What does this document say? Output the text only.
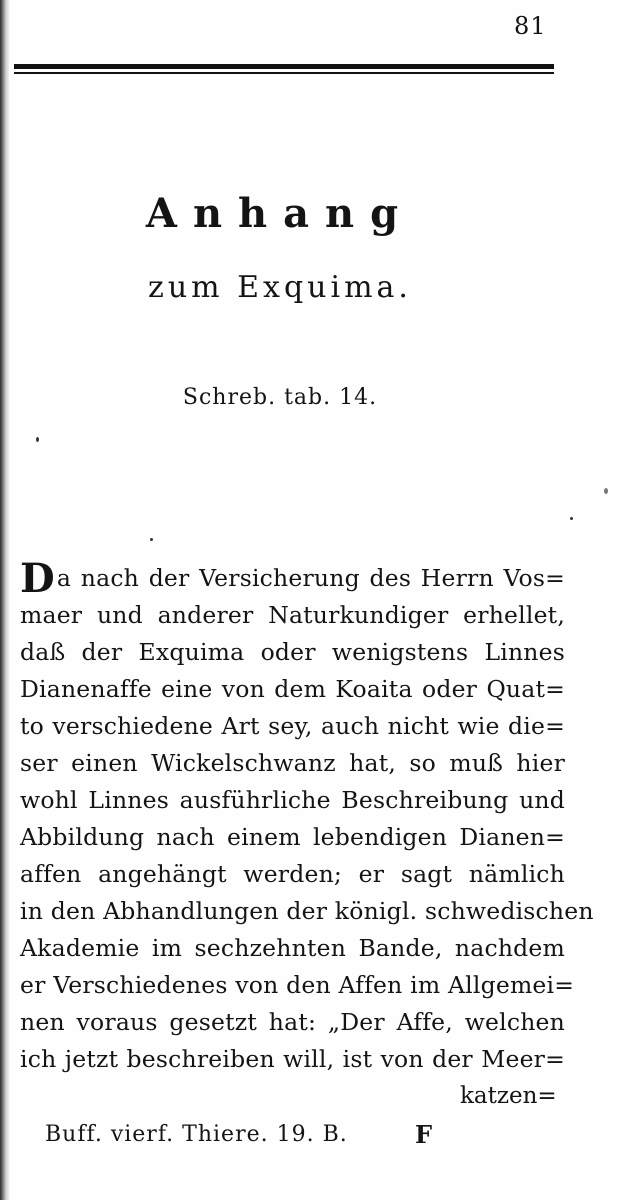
81
Anhang
zum Exquima.
Schreb. tab. 14.
Da nach der Versicherung des Herrn Vos=
maer und anderer Naturkundiger erhellet,
daß der Exquima oder wenigstens Linnes
Dianenaffe eine von dem Koaita oder Quat=
to verschiedene Art sey, auch nicht wie die=
ser einen Wickelschwanz hat, so muß hier
wohl Linnes ausführliche Beschreibung und
Abbildung nach einem lebendigen Dianen=
affen angehängt werden; er sagt nämlich
in den Abhandlungen der königl. schwedischen
Akademie im sechzehnten Bande, nachdem
er Verschiedenes von den Affen im Allgemei=
nen voraus gesetzt hat: „Der Affe, welchen
ich jetzt beschreiben will, ist von der Meer=
katzen=
Buff. vierf. Thiere. 19. B.	F
